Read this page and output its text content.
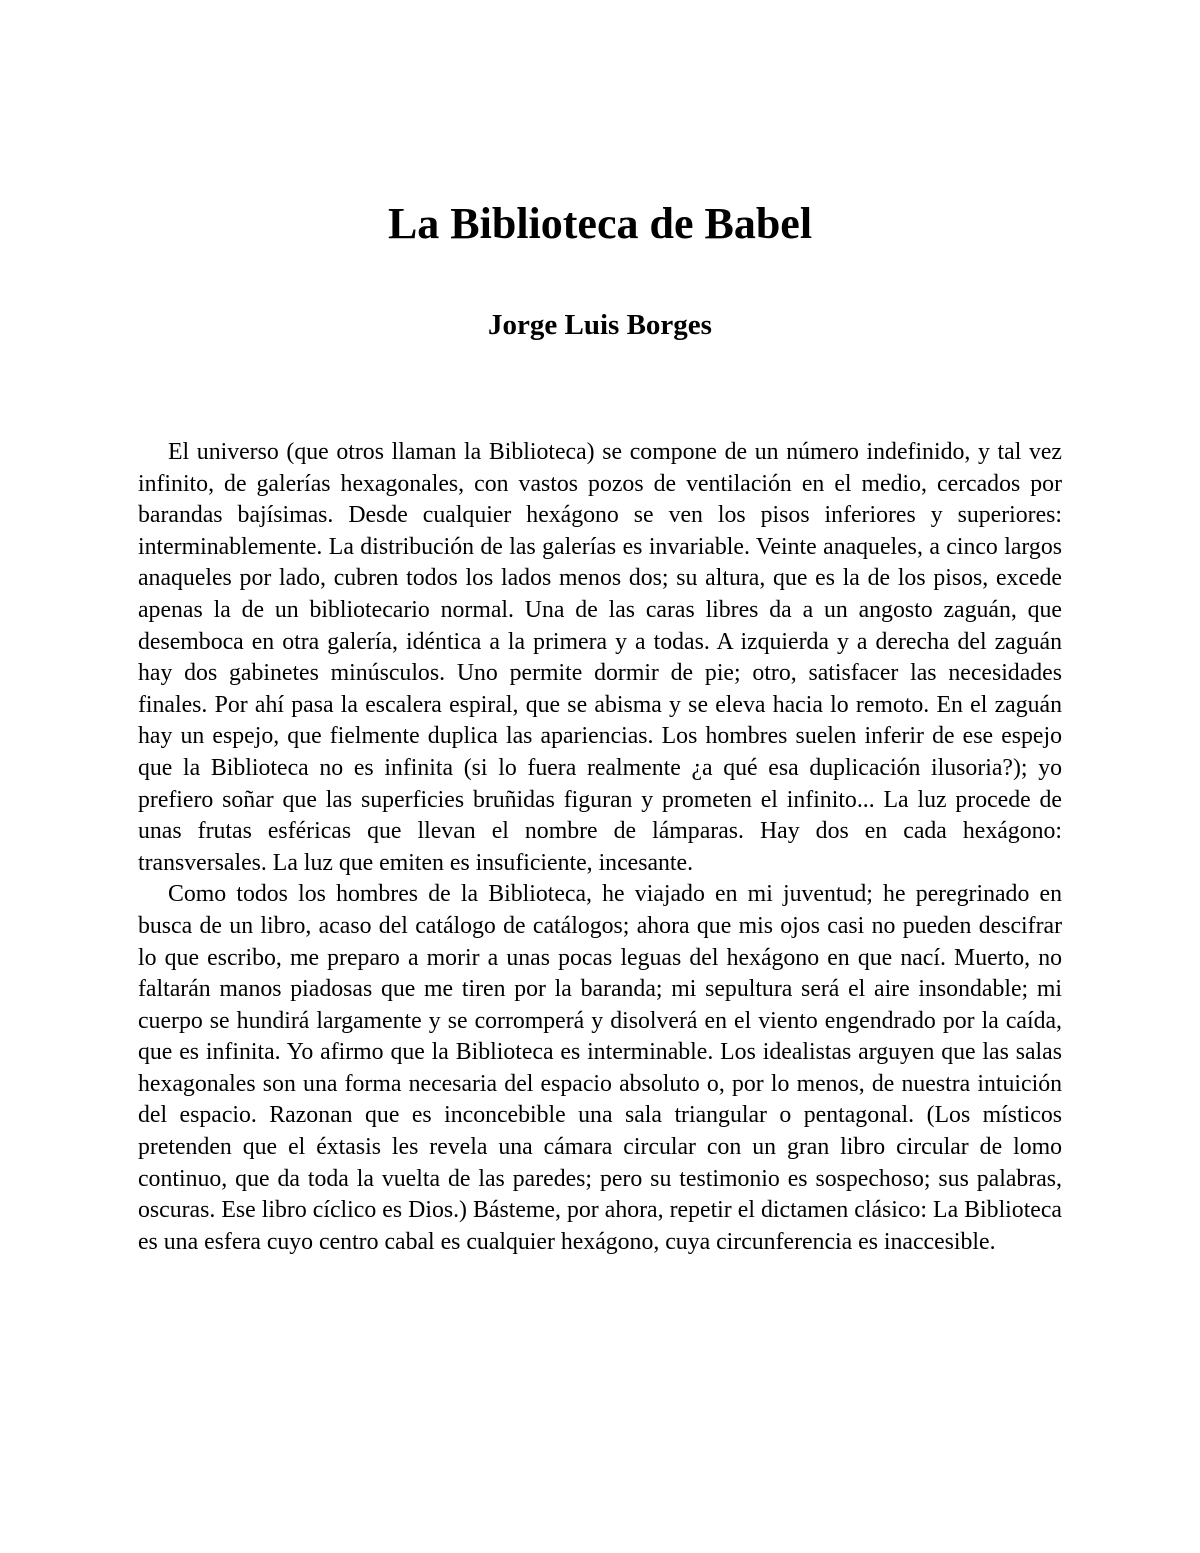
La Biblioteca de Babel
Jorge Luis Borges

El universo (que otros llaman la Biblioteca) se compone de un número indefinido, y tal vez infinito, de galerías hexagonales, con vastos pozos de ventilación en el medio, cercados por barandas bajísimas. Desde cualquier hexágono se ven los pisos inferiores y superiores: interminablemente. La distribución de las galerías es invariable. Veinte anaqueles, a cinco largos anaqueles por lado, cubren todos los lados menos dos; su altura, que es la de los pisos, excede apenas la de un bibliotecario normal. Una de las caras libres da a un angosto zaguán, que desemboca en otra galería, idéntica a la primera y a todas. A izquierda y a derecha del zaguán hay dos gabinetes minúsculos. Uno permite dormir de pie; otro, satisfacer las necesidades finales. Por ahí pasa la escalera espiral, que se abisma y se eleva hacia lo remoto. En el zaguán hay un espejo, que fielmente duplica las apariencias. Los hombres suelen inferir de ese espejo que la Biblioteca no es infinita (si lo fuera realmente ¿a qué esa duplicación ilusoria?); yo prefiero soñar que las superficies bruñidas figuran y prometen el infinito... La luz procede de unas frutas esféricas que llevan el nombre de lámparas. Hay dos en cada hexágono: transversales. La luz que emiten es insuficiente, incesante.

Como todos los hombres de la Biblioteca, he viajado en mi juventud; he peregrinado en busca de un libro, acaso del catálogo de catálogos; ahora que mis ojos casi no pueden descifrar lo que escribo, me preparo a morir a unas pocas leguas del hexágono en que nací. Muerto, no faltarán manos piadosas que me tiren por la baranda; mi sepultura será el aire insondable; mi cuerpo se hundirá largamente y se corromperá y disolverá en el viento engendrado por la caída, que es infinita. Yo afirmo que la Biblioteca es interminable. Los idealistas arguyen que las salas hexagonales son una forma necesaria del espacio absoluto o, por lo menos, de nuestra intuición del espacio. Razonan que es inconcebible una sala triangular o pentagonal. (Los místicos pretenden que el éxtasis les revela una cámara circular con un gran libro circular de lomo continuo, que da toda la vuelta de las paredes; pero su testimonio es sospechoso; sus palabras, oscuras. Ese libro cíclico es Dios.) Básteme, por ahora, repetir el dictamen clásico: La Biblioteca es una esfera cuyo centro cabal es cualquier hexágono, cuya circunferencia es inaccesible.
